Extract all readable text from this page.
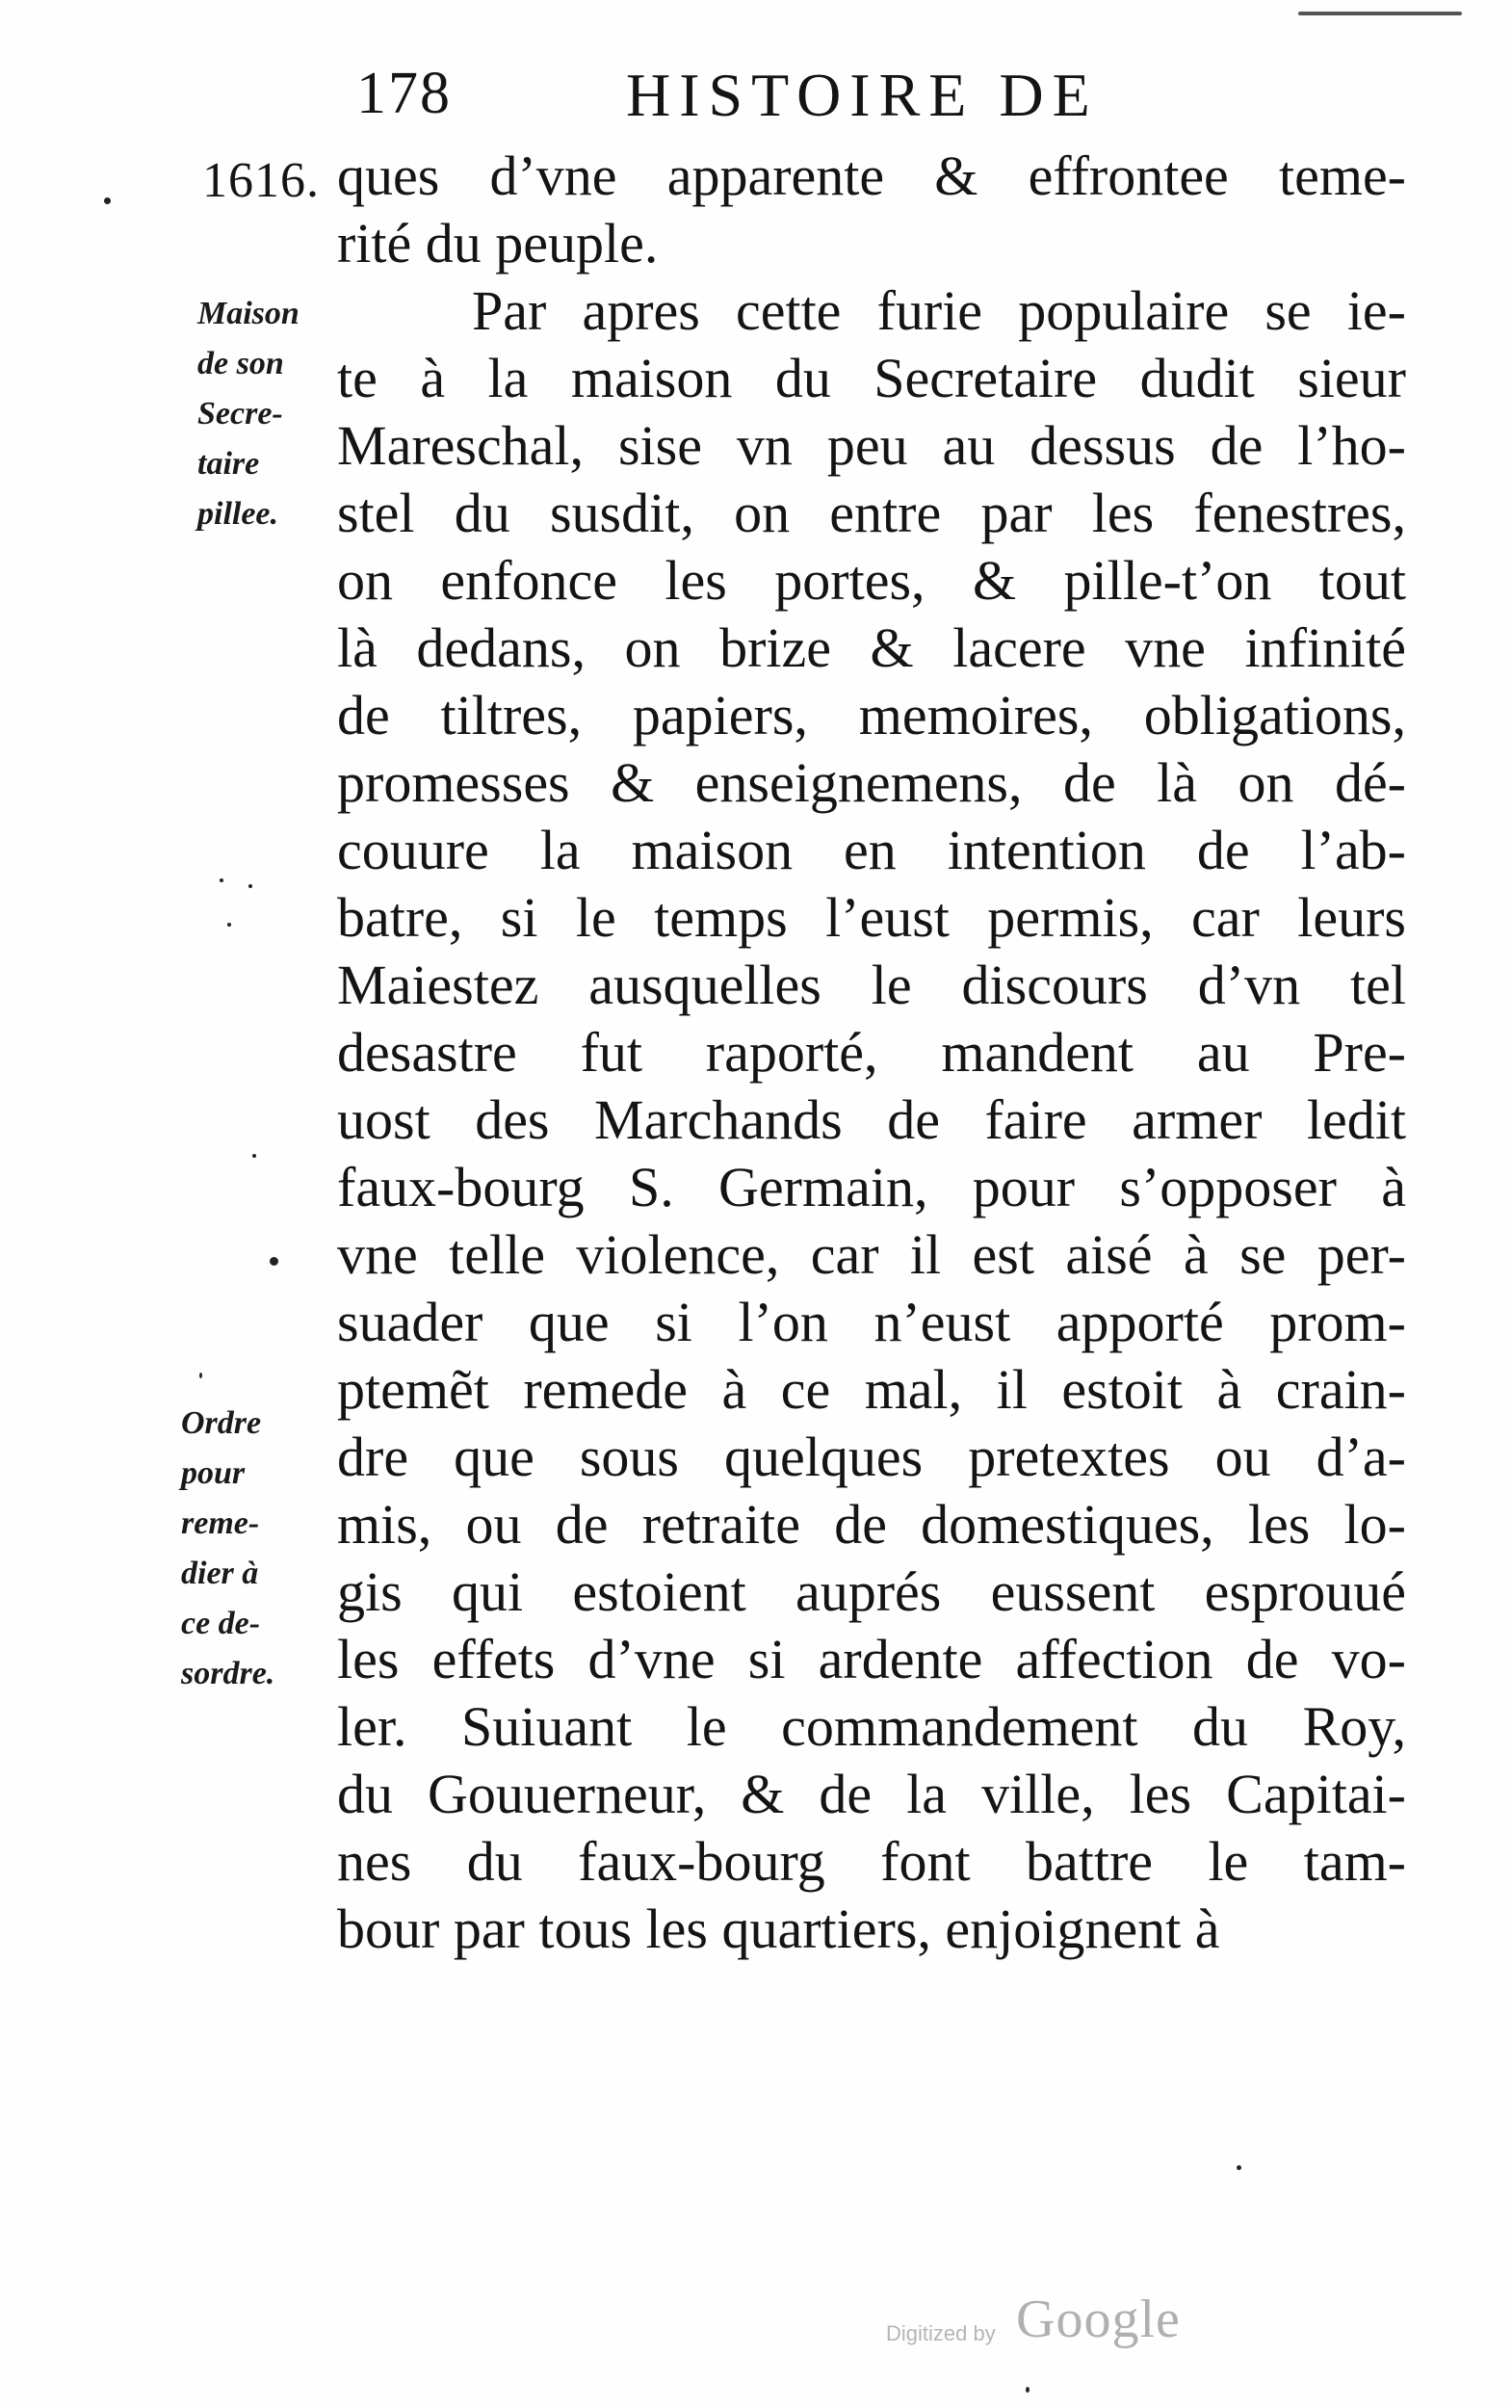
178	HISTOIRE DE
1616. ques d’vne apparente & effrontee teme-
rité du peuple.
Par apres cette furie populaire se ie-
te à la maison du Secretaire dudit sieur
Mareschal, sise vn peu au dessus de l’ho-
stel du susdit, on entre par les fenestres,
on enfonce les portes, & pille-t’on tout
là dedans, on brize & lacere vne infinité
de tiltres, papiers, memoires, obligations,
promesses & enseignemens, de là on dé-
couure la maison en intention de l’ab-
batre, si le temps l’eust permis, car leurs
Maiestez ausquelles le discours d’vn tel
desastre fut raporté, mandent au Pre-
uost des Marchands de faire armer ledit
faux-bourg S. Germain, pour s’opposer à
vne telle violence, car il est aisé à se per-
suader que si l’on n’eust apporté prom-
ptemẽt remede à ce mal, il estoit à crain-
dre que sous quelques pretextes ou d’a-
mis, ou de retraite de domestiques, les lo-
gis qui estoient auprés eussent esprouué
les effets d’vne si ardente affection de vo-
ler. Suiuant le commandement du Roy,
du Gouuerneur, & de la ville, les Capitai-
nes du faux-bourg font battre le tam-
bour par tous les quartiers, enjoignent à
Maison
de son
Secre-
taire
pillee.
Ordre
pour
reme-
dier à
ce de-
sordre.
Digitized by Google
